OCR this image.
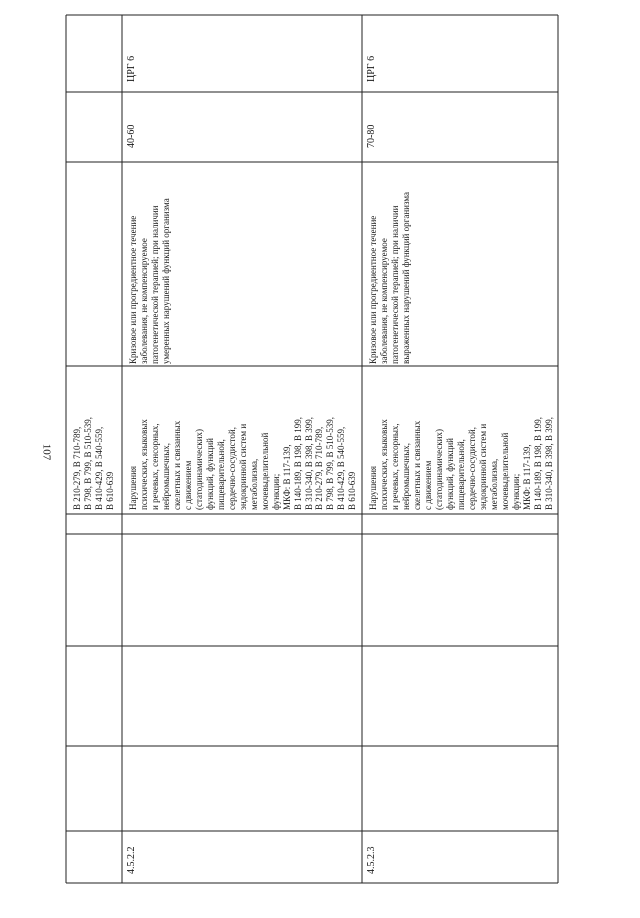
107
B 210-279, B 710-789,
B 798, B 799, B 510-539,
B 410-429, B 540-559,
B 610-639
ЦРГ 6
4.5.2.2
Нарушения
психических, языковых
и речевых, сенсорных,
нейромышечных,
скелетных и связанных
с движением
(статодинамических)
функций, функций
пищеварительной,
сердечно-сосудистой,
эндокринной систем и
метаболизма,
мочевыделительной
функции;
МКФ: B 117-139,
B 140-189, B 198, B 199,
B 310-340, B 398, B 399,
B 210-279, B 710-789,
B 798, B 799, B 510-539,
B 410-429, B 540-559,
B 610-639
Кризовое или прогредиентное течение
заболевания, не компенсируемое
патогенетической терапией; при наличии
умеренных нарушений функций организма
40-60
4.5.2.3
Нарушения
психических, языковых
и речевых, сенсорных,
нейромышечных,
скелетных и связанных
с движением
(статодинамических)
функций, функций
пищеварительной,
сердечно-сосудистой,
эндокринной систем и
метаболизма,
мочевыделительной
функции;
МКФ: B 117-139,
B 140-189, B 198, B 199,
B 310-340, B 398, B 399,
Кризовое или прогредиентное течение
заболевания, не компенсируемое
патогенетической терапией; при наличии
выраженных нарушений функций организма
70-80
ЦРГ 6
